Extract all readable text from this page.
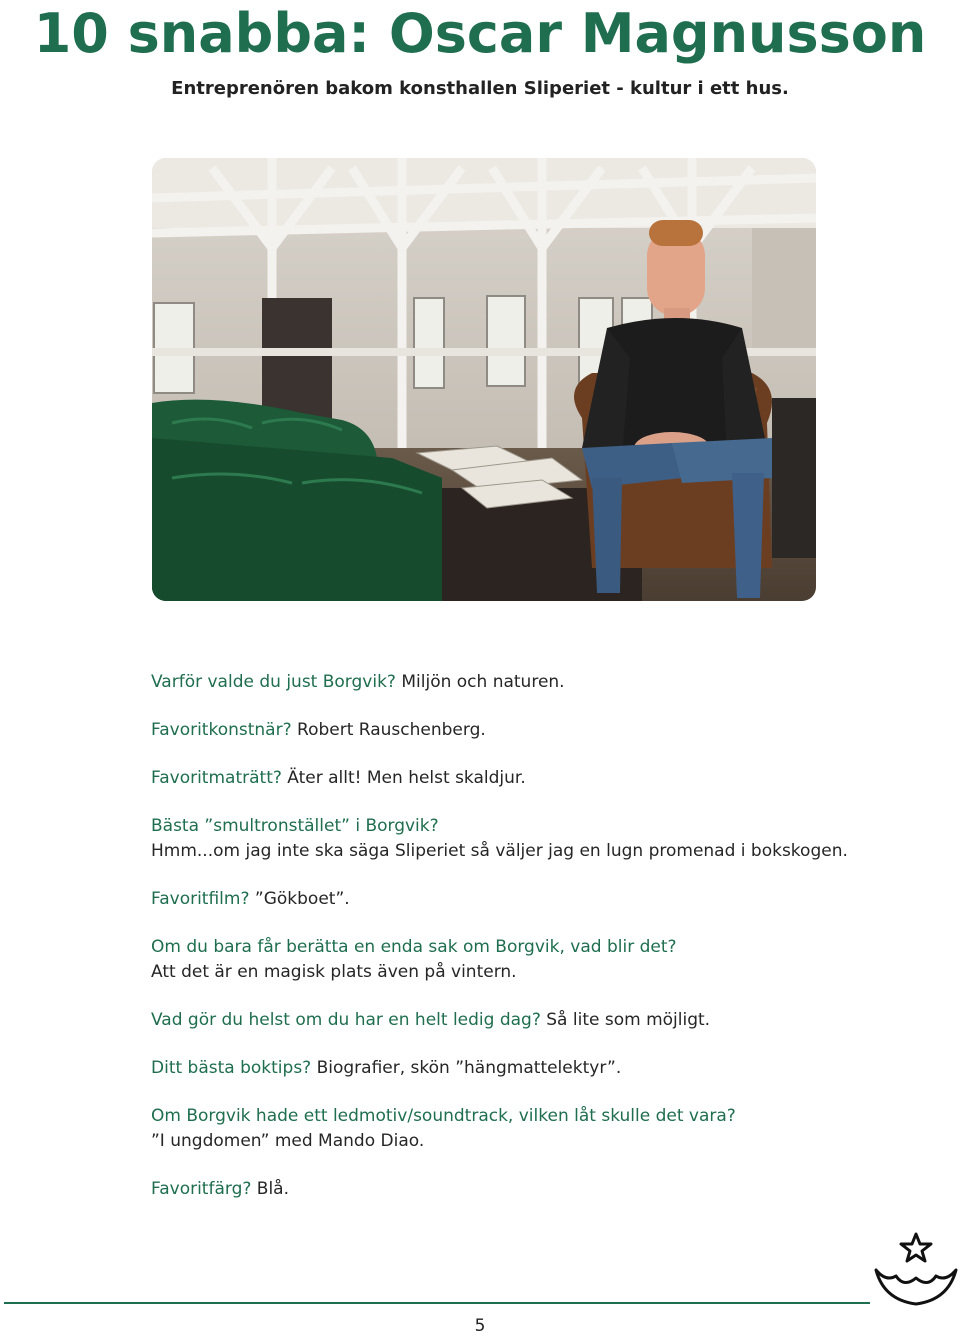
10 snabba: Oscar Magnusson

Entreprenören bakom konsthallen Sliperiet - kultur i ett hus.

Varför valde du just Borgvik? Miljön och naturen.

Favoritkonstnär? Robert Rauschenberg.

Favoritmaträtt? Äter allt! Men helst skaldjur.

Bästa ”smultronstället” i Borgvik?
Hmm...om jag inte ska säga Sliperiet så väljer jag en lugn promenad i bokskogen.

Favoritfilm? ”Gökboet”.

Om du bara får berätta en enda sak om Borgvik, vad blir det?
Att det är en magisk plats även på vintern.

Vad gör du helst om du har en helt ledig dag? Så lite som möjligt.

Ditt bästa boktips? Biografier, skön ”hängmattelektyr”.

Om Borgvik hade ett ledmotiv/soundtrack, vilken låt skulle det vara?
”I ungdomen” med Mando Diao.

Favoritfärg? Blå.

5
